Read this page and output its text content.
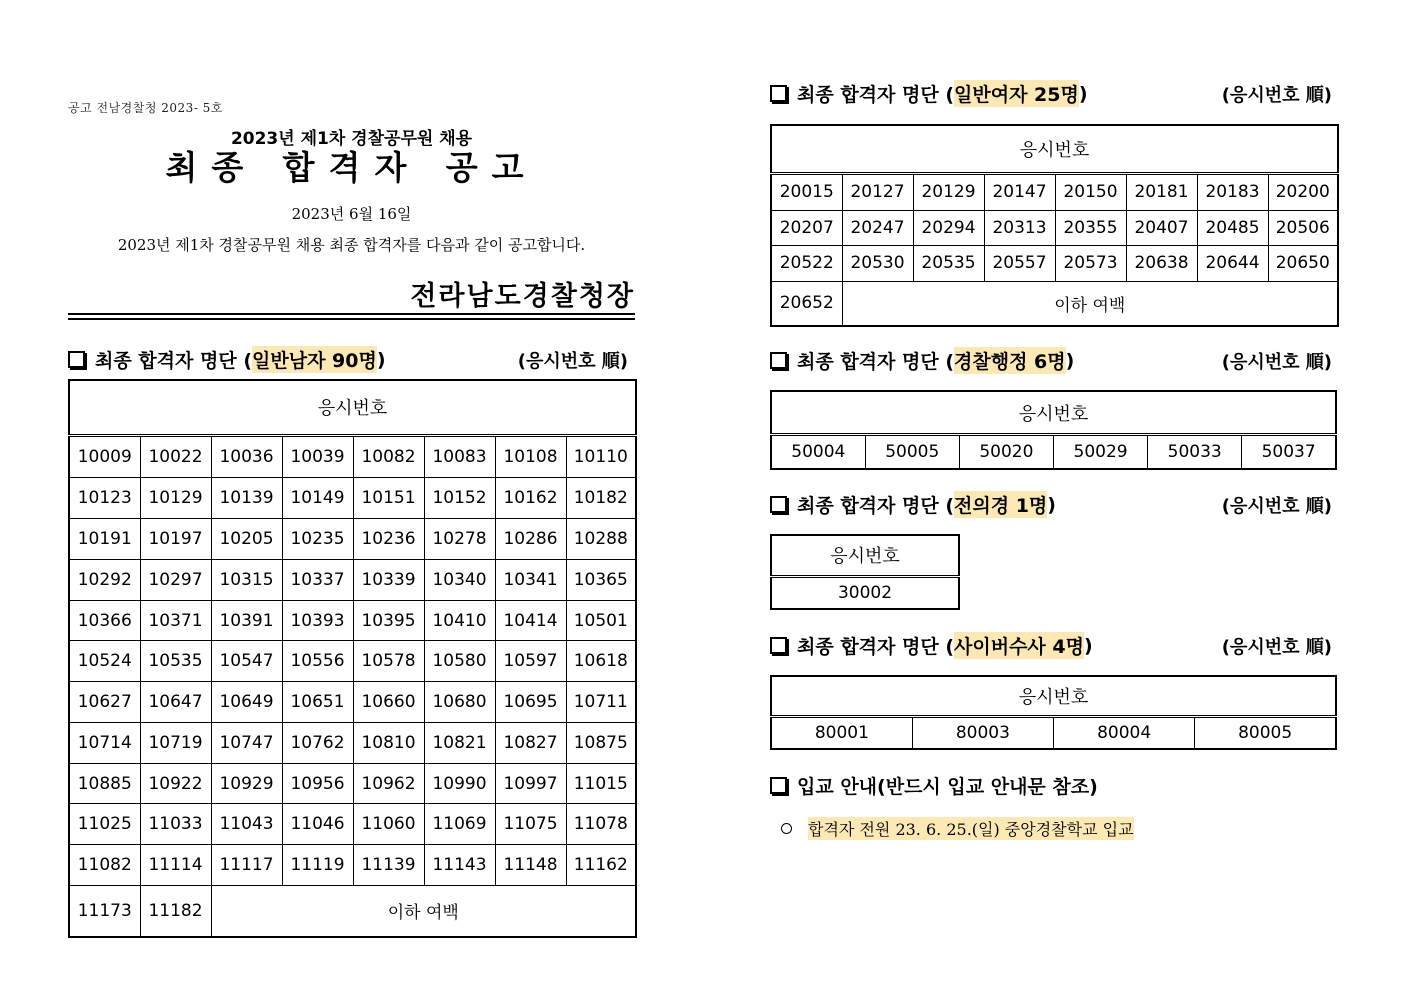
공고 전남경찰청 2023- 5호
2023년 제1차 경찰공무원 채용
최종 합격자 공고
2023년 6월 16일
2023년 제1차 경찰공무원 채용 최종 합격자를 다음과 같이 공고합니다.
전라남도경찰청장
최종 합격자 명단 ( 일반남자 90명 )	(응시번호 順)
응시번호							
10009	10022	10036	10039	10082	10083	10108	10110
10123	10129	10139	10149	10151	10152	10162	10182
10191	10197	10205	10235	10236	10278	10286	10288
10292	10297	10315	10337	10339	10340	10341	10365
10366	10371	10391	10393	10395	10410	10414	10501
10524	10535	10547	10556	10578	10580	10597	10618
10627	10647	10649	10651	10660	10680	10695	10711
10714	10719	10747	10762	10810	10821	10827	10875
10885	10922	10929	10956	10962	10990	10997	11015
11025	11033	11043	11046	11060	11069	11075	11078
11082	11114	11117	11119	11139	11143	11148	11162
11173	11182	이하 여백					
최종 합격자 명단 ( 일반여자 25명 )	(응시번호 順)
응시번호							
20015	20127	20129	20147	20150	20181	20183	20200
20207	20247	20294	20313	20355	20407	20485	20506
20522	20530	20535	20557	20573	20638	20644	20650
20652	이하 여백						
최종 합격자 명단 ( 경찰행정 6명 )	(응시번호 順)
응시번호
50004	50005	50020	50029	50033	50037
최종 합격자 명단 ( 전의경 1명 )	(응시번호 順)
응시번호
30002
최종 합격자 명단 ( 사이버수사 4명 )	(응시번호 順)
응시번호
80001	80003	80004	80005
입교 안내(반드시 입교 안내문 참조)
합격자 전원 23. 6. 25.(일) 중앙경찰학교 입교
